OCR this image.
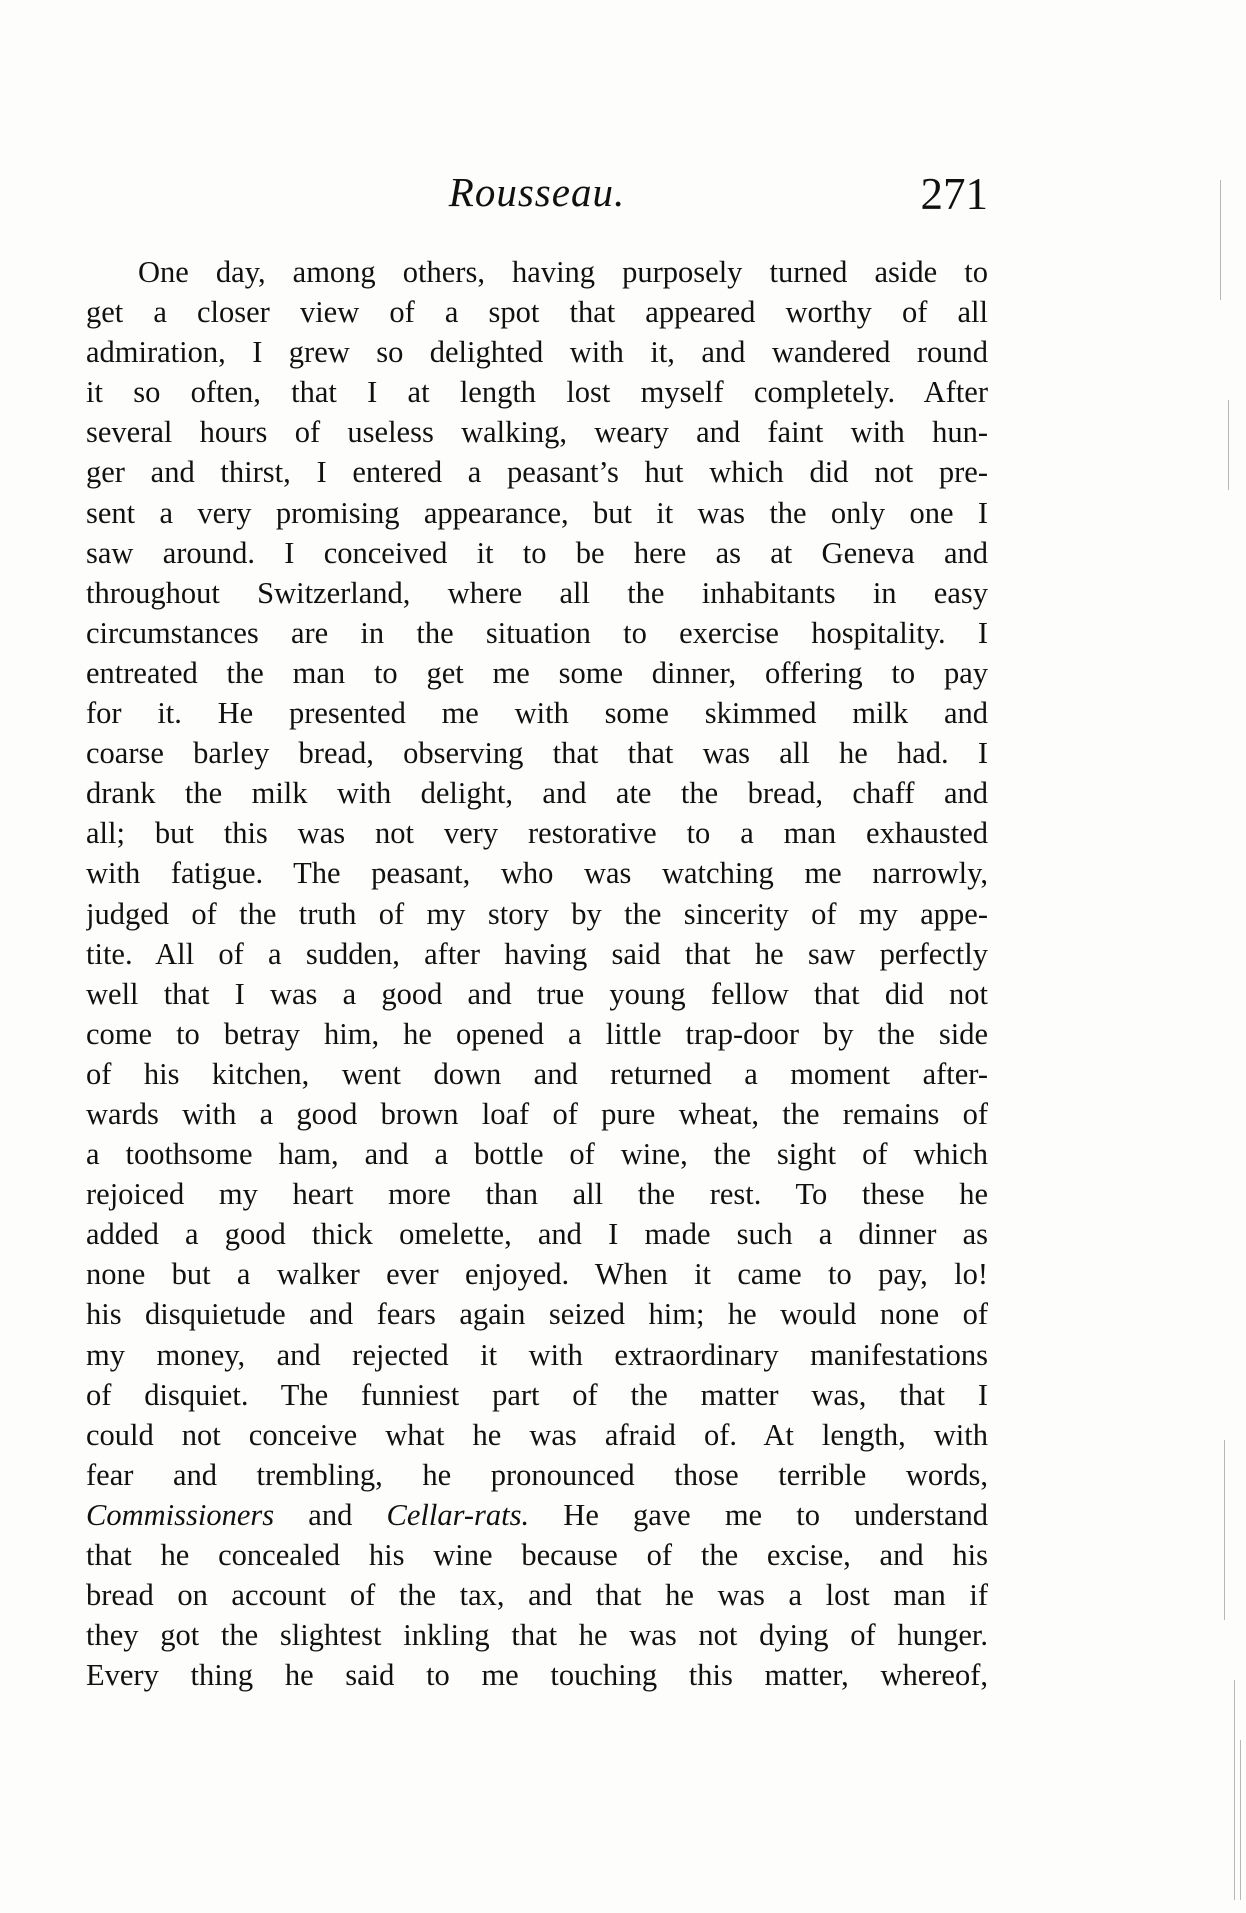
Rousseau.	271
One day, among others, having purposely turned aside to
get a closer view of a spot that appeared worthy of all
admiration, I grew so delighted with it, and wandered round
it so often, that I at length lost myself completely. After
several hours of useless walking, weary and faint with hun-
ger and thirst, I entered a peasant’s hut which did not pre-
sent a very promising appearance, but it was the only one I
saw around. I conceived it to be here as at Geneva and
throughout Switzerland, where all the inhabitants in easy
circumstances are in the situation to exercise hospitality. I
entreated the man to get me some dinner, offering to pay
for it. He presented me with some skimmed milk and
coarse barley bread, observing that that was all he had. I
drank the milk with delight, and ate the bread, chaff and
all; but this was not very restorative to a man exhausted
with fatigue. The peasant, who was watching me narrowly,
judged of the truth of my story by the sincerity of my appe-
tite. All of a sudden, after having said that he saw perfectly
well that I was a good and true young fellow that did not
come to betray him, he opened a little trap-door by the side
of his kitchen, went down and returned a moment after-
wards with a good brown loaf of pure wheat, the remains of
a toothsome ham, and a bottle of wine, the sight of which
rejoiced my heart more than all the rest. To these he
added a good thick omelette, and I made such a dinner as
none but a walker ever enjoyed. When it came to pay, lo!
his disquietude and fears again seized him; he would none of
my money, and rejected it with extraordinary manifestations
of disquiet. The funniest part of the matter was, that I
could not conceive what he was afraid of. At length, with
fear and trembling, he pronounced those terrible words,
Commissioners and Cellar-rats. He gave me to understand
that he concealed his wine because of the excise, and his
bread on account of the tax, and that he was a lost man if
they got the slightest inkling that he was not dying of hunger.
Every thing he said to me touching this matter, whereof,
